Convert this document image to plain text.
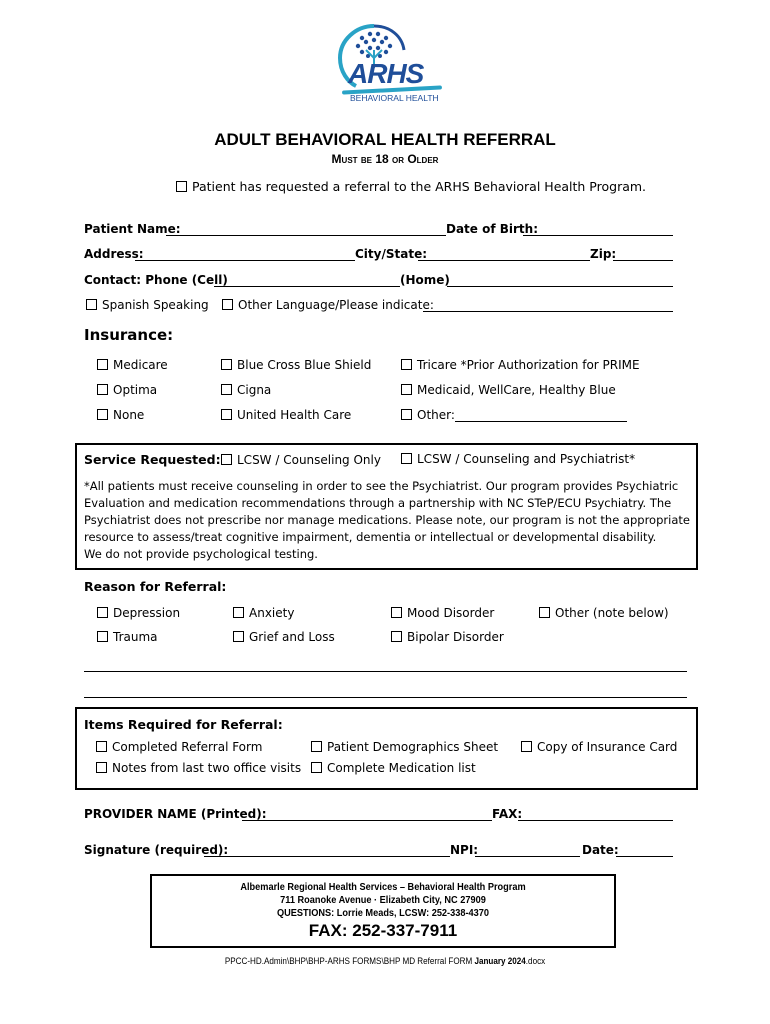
ARHS
BEHAVIORAL HEALTH
ADULT BEHAVIORAL HEALTH REFERRAL
Must be 18 or Older
Patient has requested a referral to the ARHS Behavioral Health Program.
Patient Name:	Date of Birth:
Address:	City/State:	Zip:
Contact: Phone (Cell)	(Home)
Spanish Speaking	Other Language/Please indicate:
Insurance:
Medicare	Blue Cross Blue Shield	Tricare *Prior Authorization for PRIME
Optima	Cigna	Medicaid, WellCare, Healthy Blue
None	United Health Care	Other:
Service Requested:	LCSW / Counseling Only	LCSW / Counseling and Psychiatrist*
*All patients must receive counseling in order to see the Psychiatrist. Our program provides Psychiatric
Evaluation and medication recommendations through a partnership with NC STeP/ECU Psychiatry. The
Psychiatrist does not prescribe nor manage medications. Please note, our program is not the appropriate
resource to assess/treat cognitive impairment, dementia or intellectual or developmental disability.
We do not provide psychological testing.
Reason for Referral:
Depression	Anxiety	Mood Disorder	Other (note below)
Trauma	Grief and Loss	Bipolar Disorder
Items Required for Referral:
Completed Referral Form	Patient Demographics Sheet	Copy of Insurance Card
Notes from last two office visits	Complete Medication list
PROVIDER NAME (Printed):	FAX:
Signature (required):	NPI:	Date:
Albemarle Regional Health Services – Behavioral Health Program
711 Roanoke Avenue · Elizabeth City, NC 27909
QUESTIONS: Lorrie Meads, LCSW: 252-338-4370
FAX: 252-337-7911
PPCC-HD.Admin\BHP\BHP-ARHS FORMS\BHP MD Referral FORM January 2024.docx
